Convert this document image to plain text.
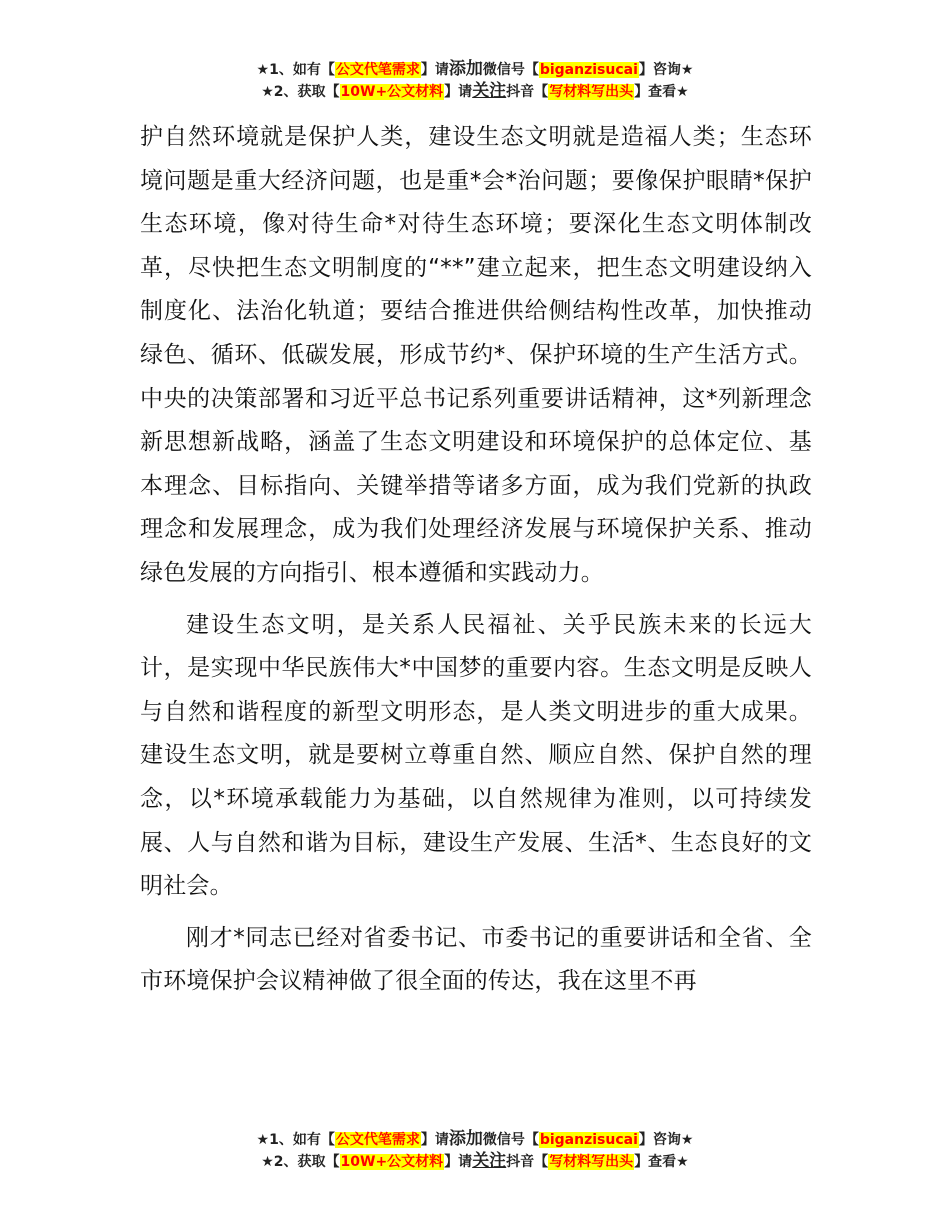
★1、如有【公文代笔需求】请添加微信号【biganzisucai】咨询★
★2、获取【10W+公文材料】请关注抖音【写材料写出头】查看★

护自然环境就是保护人类，建设生态文明就是造福人类；生态环境问题是重大经济问题，也是重*会*治问题；要像保护眼睛*保护生态环境，像对待生命*对待生态环境；要深化生态文明体制改革，尽快把生态文明制度的“**”建立起来，把生态文明建设纳入制度化、法治化轨道；要结合推进供给侧结构性改革，加快推动绿色、循环、低碳发展，形成节约*、保护环境的生产生活方式。中央的决策部署和习近平总书记系列重要讲话精神，这*列新理念新思想新战略，涵盖了生态文明建设和环境保护的总体定位、基本理念、目标指向、关键举措等诸多方面，成为我们党新的执政理念和发展理念，成为我们处理经济发展与环境保护关系、推动绿色发展的方向指引、根本遵循和实践动力。

建设生态文明，是关系人民福祉、关乎民族未来的长远大计，是实现中华民族伟大*中国梦的重要内容。生态文明是反映人与自然和谐程度的新型文明形态，是人类文明进步的重大成果。建设生态文明，就是要树立尊重自然、顺应自然、保护自然的理念，以*环境承载能力为基础，以自然规律为准则，以可持续发展、人与自然和谐为目标，建设生产发展、生活*、生态良好的文明社会。

刚才*同志已经对省委书记、市委书记的重要讲话和全省、全市环境保护会议精神做了很全面的传达，我在这里不再

★1、如有【公文代笔需求】请添加微信号【biganzisucai】咨询★
★2、获取【10W+公文材料】请关注抖音【写材料写出头】查看★
